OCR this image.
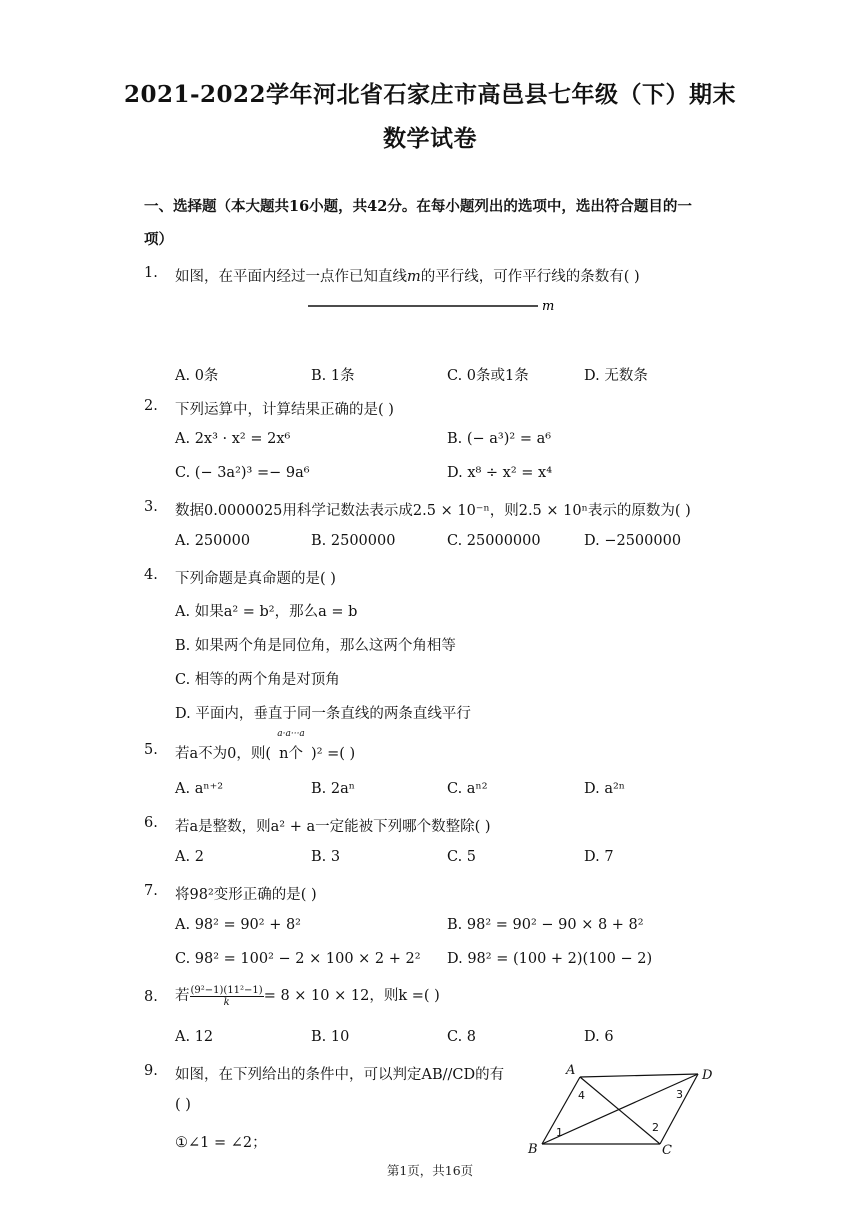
2021-2022学年河北省石家庄市高邑县七年级（下）期末
数学试卷
一、选择题（本大题共16小题，共42分。在每小题列出的选项中，选出符合题目的一
项）
1. 如图，在平面内经过一点作已知直线m的平行线，可作平行线的条数有( )
m
A. 0条	B. 1条	C. 0条或1条	D. 无数条
2. 下列运算中，计算结果正确的是( )
A. 2x³ · x² = 2x⁶	B. (− a³)² = a⁶
C. (− 3a²)³ =− 9a⁶	D. x⁸ ÷ x² = x⁴
3. 数据0.0000025用科学记数法表示成2.5 × 10⁻ⁿ，则2.5 × 10ⁿ表示的原数为( )
A. 250000	B. 2500000	C. 25000000	D. −2500000
4. 下列命题是真命题的是( )
A. 如果a² = b²，那么a = b
B. 如果两个角是同位角，那么这两个角相等
C. 相等的两个角是对顶角
D. 平面内，垂直于同一条直线的两条直线平行
5. 若a不为0，则(
a·a···a
n个 )² =( )
A. aⁿ⁺²	B. 2aⁿ	C. aⁿ²	D. a²ⁿ
6. 若a是整数，则a² + a一定能被下列哪个数整除( )
A. 2	B. 3	C. 5	D. 7
7. 将98²变形正确的是( )
A. 98² = 90² + 8²	B. 98² = 90² − 90 × 8 + 8²
C. 98² = 100² − 2 × 100 × 2 + 2² D. 98² = (100 + 2)(100 − 2)
8. 若 $\frac{\text{(9²−1)(11²−1)}}{k} = 8 \times 10 \times 12$，则k =( )
A. 12	B. 10	C. 8	D. 6
9. 如图，在下列给出的条件中，可以判定AB//CD的有
( )
①∠1 = ∠2；
A
B	C
D
1	2
3
4
第1页，共16页
